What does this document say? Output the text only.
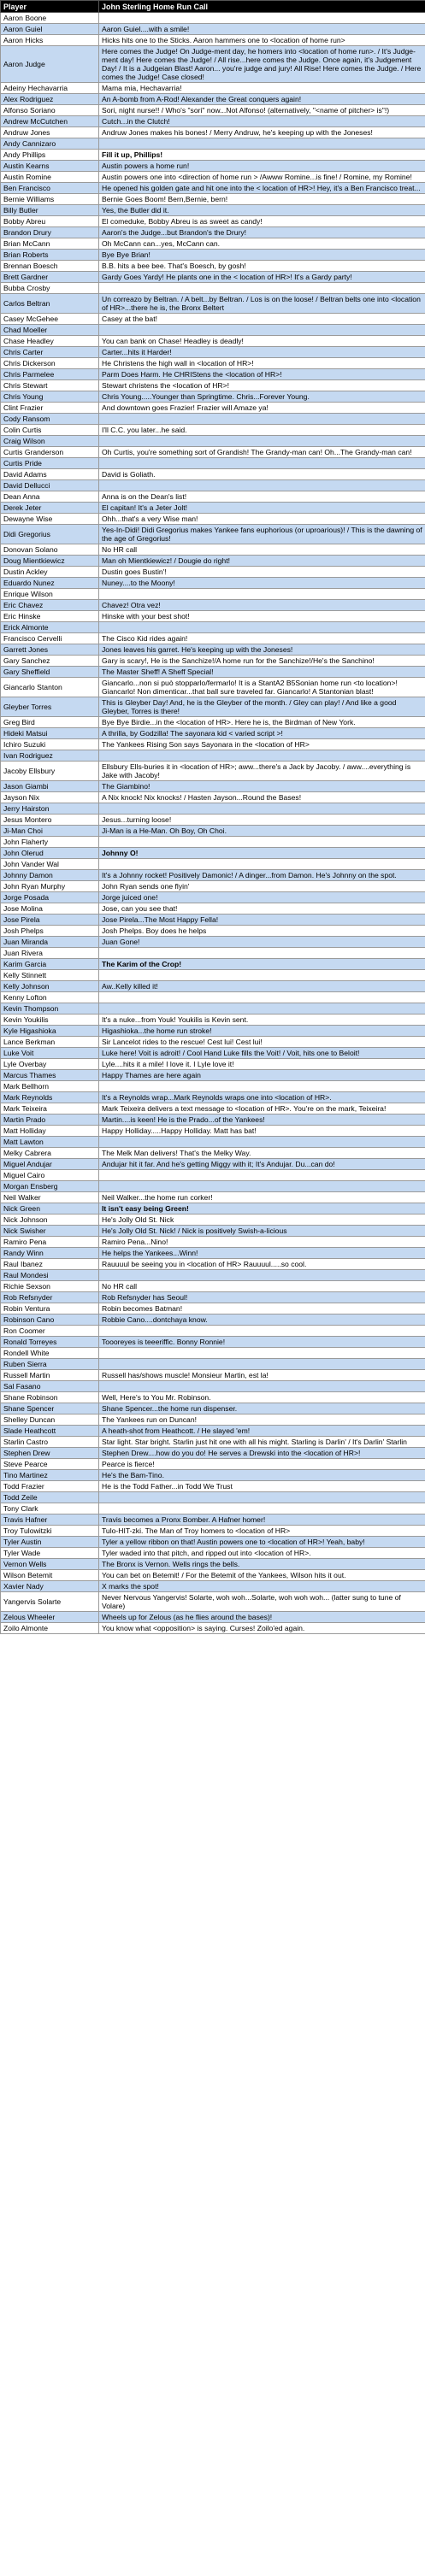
Player	John Sterling Home Run Call
Aaron Boone	
Aaron Guiel	Aaron Guiel....with a smile!
Aaron Hicks	Hicks hits one to the Sticks. Aaron hammers one to <location of home run>
Aaron Judge	Here comes the Judge! On Judge-ment day, he homers into <location of home run>. / It's Judge-ment day! Here comes the Judge! / All rise...here comes the Judge. Once again, it's Judgement Day! / It is a Judgeian Blast! Aaron... you're judge and jury! All Rise! Here comes the Judge. / Here comes the Judge! Case closed!
Adeiny Hechavarria	Mama mia, Hechavarria!
Alex Rodriguez	An A-bomb from A-Rod! Alexander the Great conquers again!
Alfonso Soriano	Sori, night nurse!! / Who's "sori" now...Not Alfonso! (alternatively, "<name of pitcher> is"!)
Andrew McCutchen	Cutch...in the Clutch!
Andruw Jones	Andruw Jones makes his bones! / Merry Andruw, he's keeping up with the Joneses!
Andy Cannizaro	
Andy Phillips	Fill it up, Phillips!
Austin Kearns	Austin powers a home run!
Austin Romine	Austin powers one into <direction of home run > /Awww Romine...is fine! / Romine, my Romine!
Ben Francisco	He opened his golden gate and hit one into the < location of HR>! Hey, it's a Ben Francisco treat...
Bernie Williams	Bernie Goes Boom! Bern,Bernie, bern!
Billy Butler	Yes, the Butler did it.
Bobby Abreu	El comeduke, Bobby Abreu is as sweet as candy!
Brandon Drury	Aaron's the Judge...but Brandon's the Drury!
Brian McCann	Oh McCann can...yes, McCann can.
Brian Roberts	Bye Bye Brian!
Brennan Boesch	B.B. hits a bee bee. That's Boesch, by gosh!
Brett Gardner	Gardy Goes Yardy! He plants one in the < location of HR>! It's a Gardy party!
Bubba Crosby	
Carlos Beltran	Un correazo by Beltran. / A belt...by Beltran. / Los is on the loose! / Beltran belts one into <location of HR>...there he is, the Bronx Beltert
Casey McGehee	Casey at the bat!
Chad Moeller	
Chase Headley	You can bank on Chase! Headley is deadly!
Chris Carter	Carter...hits it Harder!
Chris Dickerson	He Christens the high wall in <location of HR>!
Chris Parmelee	Parm Does Harm. He CHRIStens the <location of HR>!
Chris Stewart	Stewart christens the <location of HR>!
Chris Young	Chris Young.....Younger than Springtime. Chris...Forever Young.
Clint Frazier	And downtown goes Frazier! Frazier will Amaze ya!
Cody Ransom	
Colin Curtis	I'll C.C. you later...he said.
Craig Wilson	
Curtis Granderson	Oh Curtis, you're something sort of Grandish! The Grandy-man can! Oh...The Grandy-man can!
Curtis Pride	
David Adams	David is Goliath.
David Dellucci	
Dean Anna	Anna is on the Dean's list!
Derek Jeter	El capitan! It's a Jeter Jolt!
Dewayne Wise	Ohh...that's a very Wise man!
Didi Gregorius	Yes-In-Didi! Didi Gregorius makes Yankee fans euphorious (or uproarious)! / This is the dawning of the age of Gregorius!
Donovan Solano	No HR call
Doug Mientkiewicz	Man oh Mientkiewicz! / Dougie do right!
Dustin Ackley	Dustin goes Bustin'!
Eduardo Nunez	Nuney....to the Moony!
Enrique Wilson	
Eric Chavez	Chavez! Otra vez!
Eric Hinske	Hinske with your best shot!
Erick Almonte	
Francisco Cervelli	The Cisco Kid rides again!
Garrett Jones	Jones leaves his garret. He's keeping up with the Joneses!
Gary Sanchez	Gary is scary!, He is the Sanchize!/A home run for the Sanchize!/He's the Sanchino!
Gary Sheffield	The Master Sheff! A Sheff Special!
Giancarlo Stanton	Giancarlo...non si può stopparlo/fermarlo! It is a StantA2 B5Sonian home run <to location>! Giancarlo! Non dimenticar...that ball sure traveled far. Giancarlo! A Stantonian blast!
Gleyber Torres	This is Gleyber Day! And, he is the Gleyber of the month. / Gley can play! / And like a good Gleyber, Torres is there!
Greg Bird	Bye Bye Birdie...in the <location of HR>. Here he is, the Birdman of New York.
Hideki Matsui	A thrilla, by Godzilla! The sayonara kid < varied script >!
Ichiro Suzuki	The Yankees Rising Son says Sayonara in the <location of HR>
Ivan Rodriguez	
Jacoby Ellsbury	Ellsbury Ells-buries it in <location of HR>; aww...there's a Jack by Jacoby. / aww....everything is Jake with Jacoby!
Jason Giambi	The Giambino!
Jayson Nix	A Nix knock! Nix knocks! / Hasten Jayson...Round the Bases!
Jerry Hairston	
Jesus Montero	Jesus...turning loose!
Ji-Man Choi	Ji-Man is a He-Man. Oh Boy, Oh Choi.
John Flaherty	
John Olerud	Johnny O!
John Vander Wal	
Johnny Damon	It's a Johnny rocket! Positively Damonic! / A dinger...from Damon. He's Johnny on the spot.
John Ryan Murphy	John Ryan sends one flyin'
Jorge Posada	Jorge juiced one!
Jose Molina	Jose, can you see that!
Jose Pirela	Jose Pirela...The Most Happy Fella!
Josh Phelps	Josh Phelps. Boy does he helps
Juan Miranda	Juan Gone!
Juan Rivera	
Karim Garcia	The Karim of the Crop!
Kelly Stinnett	
Kelly Johnson	Aw..Kelly killed it!
Kenny Lofton	
Kevin Thompson	
Kevin Youkilis	It's a nuke...from Youk! Youkilis is Kevin sent.
Kyle Higashioka	Higashioka...the home run stroke!
Lance Berkman	Sir Lancelot rides to the rescue! Cest lui! Cest lui!
Luke Voit	Luke here! Voit is adroit! / Cool Hand Luke fills the Voit! / Voit, hits one to Beloit!
Lyle Overbay	Lyle....hits it a mile! I love it. I Lyle love it!
Marcus Thames	Happy Thames are here again
Mark Bellhorn	
Mark Reynolds	It's a Reynolds wrap...Mark Reynolds wraps one into <location of HR>.
Mark Teixeira	Mark Teixeira delivers a text message to <location of HR>. You're on the mark, Teixeira!
Martin Prado	Martin....is keen! He is the Prado...of the Yankees!
Matt Holliday	Happy Holliday.....Happy Holliday. Matt has bat!
Matt Lawton	
Melky Cabrera	The Melk Man delivers! That's the Melky Way.
Miguel Andujar	Andujar hit it far. And he's getting Miggy with it; It's Andujar. Du...can do!
Miguel Cairo	
Morgan Ensberg	
Neil Walker	Neil Walker...the home run corker!
Nick Green	It isn't easy being Green!
Nick Johnson	He's Jolly Old St. Nick
Nick Swisher	He's Jolly Old St. Nick! / Nick is positively Swish-a-licious
Ramiro Pena	Ramiro Pena...Nino!
Randy Winn	He helps the Yankees...Winn!
Raul Ibanez	Rauuuul be seeing you in <location of HR> Rauuuul.....so cool.
Raul Mondesi	
Richie Sexson	No HR call
Rob Refsnyder	Rob Refsnyder has Seoul!
Robin Ventura	Robin becomes Batman!
Robinson Cano	Robbie Cano....dontchaya know.
Ron Coomer	
Ronald Torreyes	Toooreyes is teeeriffic. Bonny Ronnie!
Rondell White	
Ruben Sierra	
Russell Martin	Russell has/shows muscle! Monsieur Martin, est la!
Sal Fasano	
Shane Robinson	Well, Here's to You Mr. Robinson.
Shane Spencer	Shane Spencer...the home run dispenser.
Shelley Duncan	The Yankees run on Duncan!
Slade Heathcott	A heath-shot from Heathcott. / He slayed 'em!
Starlin Castro	Star light. Star bright. Starlin just hit one with all his might. Starling is Darlin' / It's Darlin' Starlin
Stephen Drew	Stephen Drew....how do you do! He serves a Drewski into the <location of HR>!
Steve Pearce	Pearce is fierce!
Tino Martinez	He's the Bam-Tino.
Todd Frazier	He is the Todd Father...in Todd We Trust
Todd Zeile	
Tony Clark	
Travis Hafner	Travis becomes a Pronx Bomber. A Hafner homer!
Troy Tulowitzki	Tulo-HIT-zki. The Man of Troy homers to <location of HR>
Tyler Austin	Tyler a yellow ribbon on that! Austin powers one to <location of HR>! Yeah, baby!
Tyler Wade	Tyler waded into that pitch, and ripped out into <location of HR>.
Vernon Wells	The Bronx is Vernon. Wells rings the bells.
Wilson Betemit	You can bet on Betemit! / For the Betemit of the Yankees, Wilson hits it out.
Xavier Nady	X marks the spot!
Yangervis Solarte	Never Nervous Yangervis! Solarte, woh woh...Solarte, woh woh woh... (latter sung to tune of Volare)
Zelous Wheeler	Wheels up for Zelous (as he flies around the bases)!
Zoilo Almonte	You know what <opposition> is saying. Curses! Zoilo'ed again.
